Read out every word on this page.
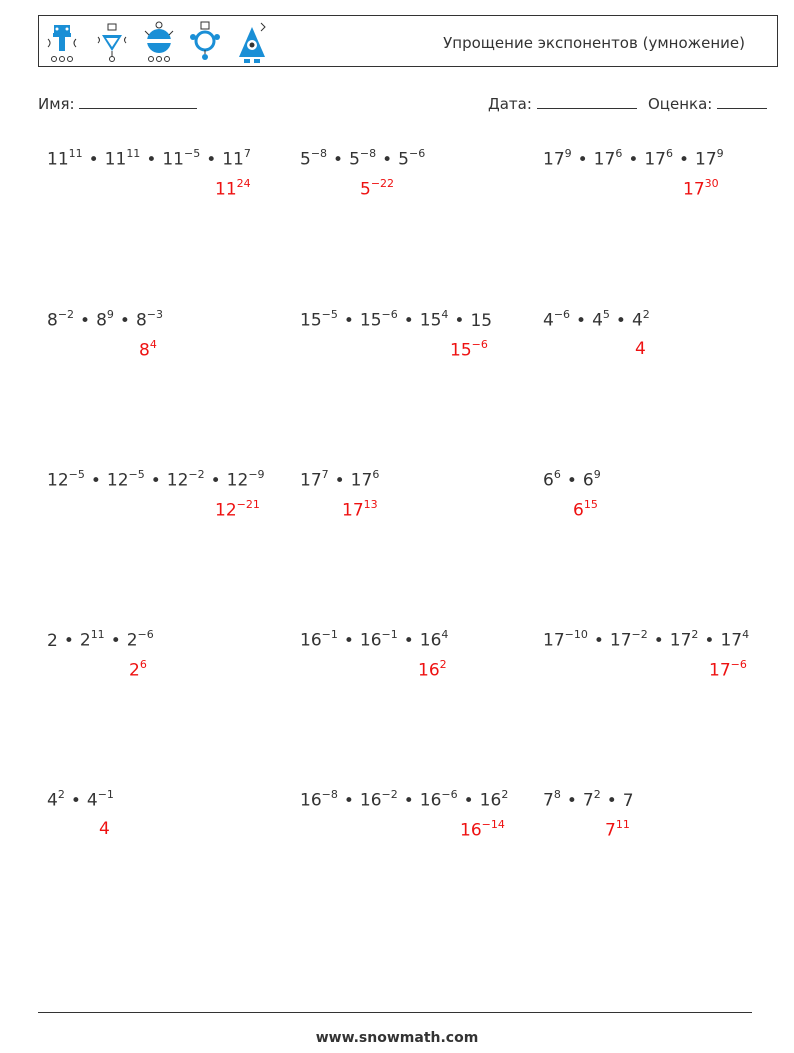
Упрощение экспонентов (умножение)
Имя:	Дата:	Оценка:
$11^{11}$ • $11^{11}$ • $11^{-5}$ • $11^7$
$11^{24}$
$5^{-8}$ • $5^{-8}$ • $5^{-6}$
$5^{-22}$
$17^9$ • $17^6$ • $17^6$ • $17^9$
$17^{30}$
$8^{-2}$ • $8^9$ • $8^{-3}$
$8^4$
$15^{-5}$ • $15^{-6}$ • $15^4$ • 15
$15^{-6}$
$4^{-6}$ • $4^5$ • $4^2$
4
$12^{-5}$ • $12^{-5}$ • $12^{-2}$ • $12^{-9}$
$12^{-21}$
$17^7$ • $17^6$
$17^{13}$
$6^6$ • $6^9$
$6^{15}$
2 • $2^{11}$ • $2^{-6}$
$2^6$
$16^{-1}$ • $16^{-1}$ • $16^4$
$16^2$
$17^{-10}$ • $17^{-2}$ • $17^2$ • $17^4$
$17^{-6}$
$4^2$ • $4^{-1}$
4
$16^{-8}$ • $16^{-2}$ • $16^{-6}$ • $16^2$
$16^{-14}$
$7^8$ • $7^2$ • 7
$7^{11}$
www.snowmath.com
